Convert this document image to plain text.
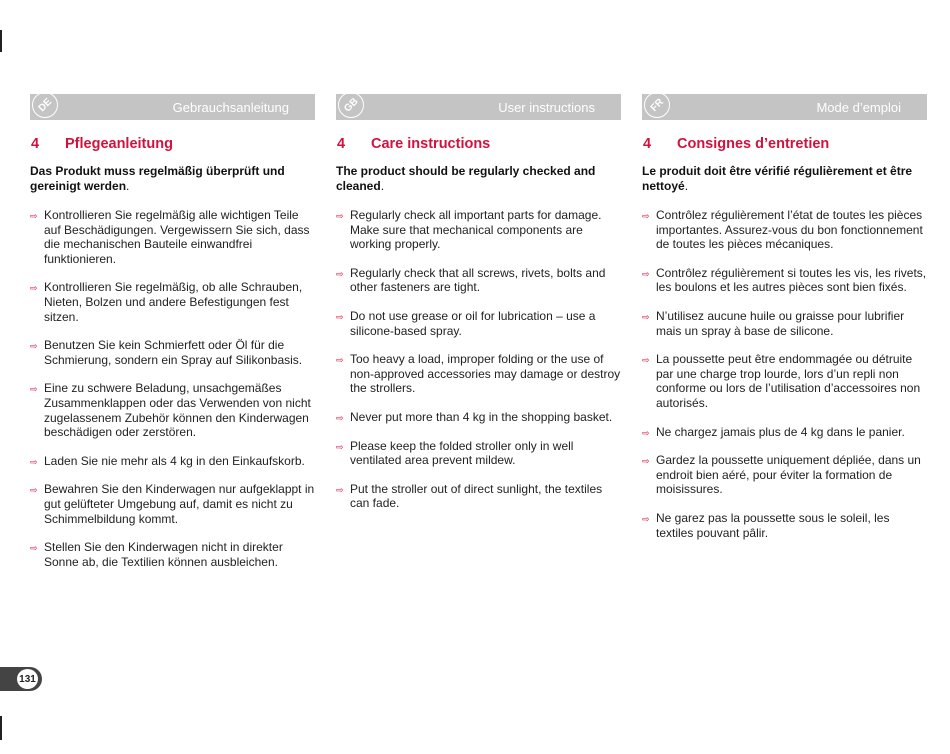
DE	Gebrauchsanleitung
4 Pflegeanleitung
Das Produkt muss regelmäßig überprüft und gereinigt werden.
⇨ Kontrollieren Sie regelmäßig alle wichtigen Teile auf Beschädigungen. Vergewissern Sie sich, dass die mechanischen Bauteile einwandfrei funktionieren.
⇨ Kontrollieren Sie regelmäßig, ob alle Schrauben, Nieten, Bolzen und andere Befestigungen fest sitzen.
⇨ Benutzen Sie kein Schmierfett oder Öl für die Schmierung, sondern ein Spray auf Silikonbasis.
⇨ Eine zu schwere Beladung, unsachgemäßes Zusammenklappen oder das Verwenden von nicht zugelassenem Zubehör können den Kinderwagen beschädigen oder zerstören.
⇨ Laden Sie nie mehr als 4 kg in den Einkaufskorb.
⇨ Bewahren Sie den Kinderwagen nur aufgeklappt in gut gelüfteter Umgebung auf, damit es nicht zu Schimmelbildung kommt.
⇨ Stellen Sie den Kinderwagen nicht in direkter Sonne ab, die Textilien können ausbleichen.
GB	User instructions
4 Care instructions
The product should be regularly checked and cleaned.
⇨ Regularly check all important parts for damage. Make sure that mechanical components are working properly.
⇨ Regularly check that all screws, rivets, bolts and other fasteners are tight.
⇨ Do not use grease or oil for lubrication – use a silicone-based spray.
⇨ Too heavy a load, improper folding or the use of non-approved accessories may damage or destroy the strollers.
⇨ Never put more than 4 kg in the shopping basket.
⇨ Please keep the folded stroller only in well ventilated area prevent mildew.
⇨ Put the stroller out of direct sunlight, the textiles can fade.
FR	Mode d’emploi
4 Consignes d’entretien
Le produit doit être vérifié régulièrement et être nettoyé.
⇨ Contrôlez régulièrement l’état de toutes les pièces importantes. Assurez-vous du bon fonctionnement de toutes les pièces mécaniques.
⇨ Contrôlez régulièrement si toutes les vis, les rivets, les boulons et les autres pièces sont bien fixés.
⇨ N’utilisez aucune huile ou graisse pour lubrifier mais un spray à base de silicone.
⇨ La poussette peut être endommagée ou détruite par une charge trop lourde, lors d’un repli non conforme ou lors de l’utilisation d’accessoires non autorisés.
⇨ Ne chargez jamais plus de 4 kg dans le panier.
⇨ Gardez la poussette uniquement dépliée, dans un endroit bien aéré, pour éviter la formation de moisissures.
⇨ Ne garez pas la poussette sous le soleil, les textiles pouvant pâlir.
131
